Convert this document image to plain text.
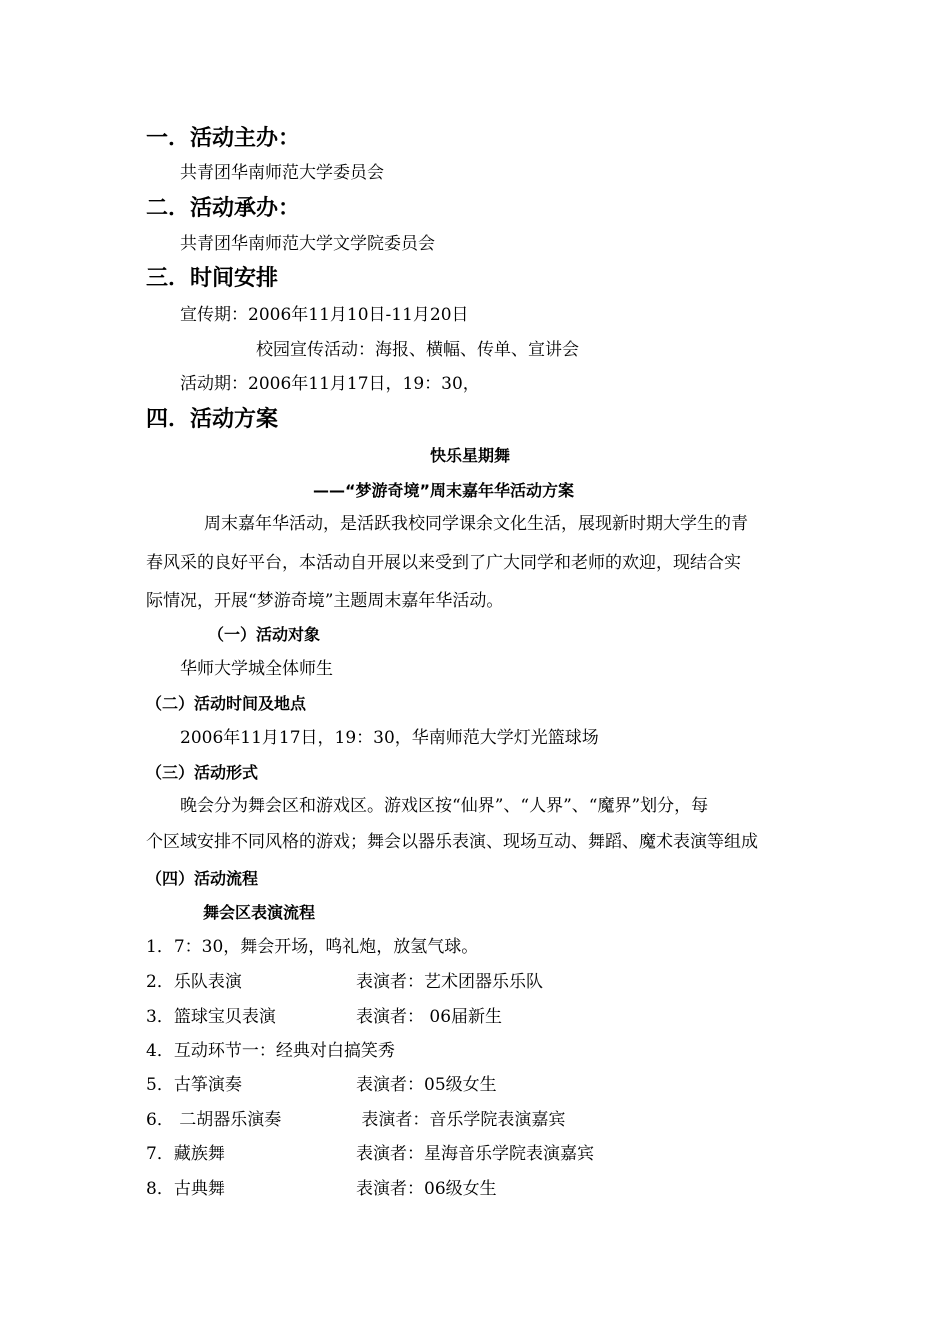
一．活动主办：
共青团华南师范大学委员会
二．活动承办：
共青团华南师范大学文学院委员会
三．时间安排
宣传期：2006年11月10日-11月20日
校园宣传活动：海报、横幅、传单、宣讲会
活动期：2006年11月17日，19：30，
四．活动方案
快乐星期舞
——“梦游奇境”周末嘉年华活动方案
周末嘉年华活动，是活跃我校同学课余文化生活，展现新时期大学生的青
春风采的良好平台，本活动自开展以来受到了广大同学和老师的欢迎，现结合实
际情况，开展“梦游奇境”主题周末嘉年华活动。
（一）活动对象
华师大学城全体师生
（二）活动时间及地点
2006年11月17日，19：30，华南师范大学灯光篮球场
（三）活动形式
晚会分为舞会区和游戏区。游戏区按“仙界”、“人界”、“魔界”划分，每
个区域安排不同风格的游戏；舞会以器乐表演、现场互动、舞蹈、魔术表演等组成
（四）活动流程
舞会区表演流程
1．7：30，舞会开场，鸣礼炮，放氢气球。
2．乐队表演	表演者：艺术团器乐乐队
3．篮球宝贝表演	表演者： 06届新生
4．互动环节一：经典对白搞笑秀
5．古筝演奏	表演者：05级女生
6． 二胡器乐演奏	表演者：音乐学院表演嘉宾
7．藏族舞	表演者：星海音乐学院表演嘉宾
8．古典舞	表演者：06级女生
